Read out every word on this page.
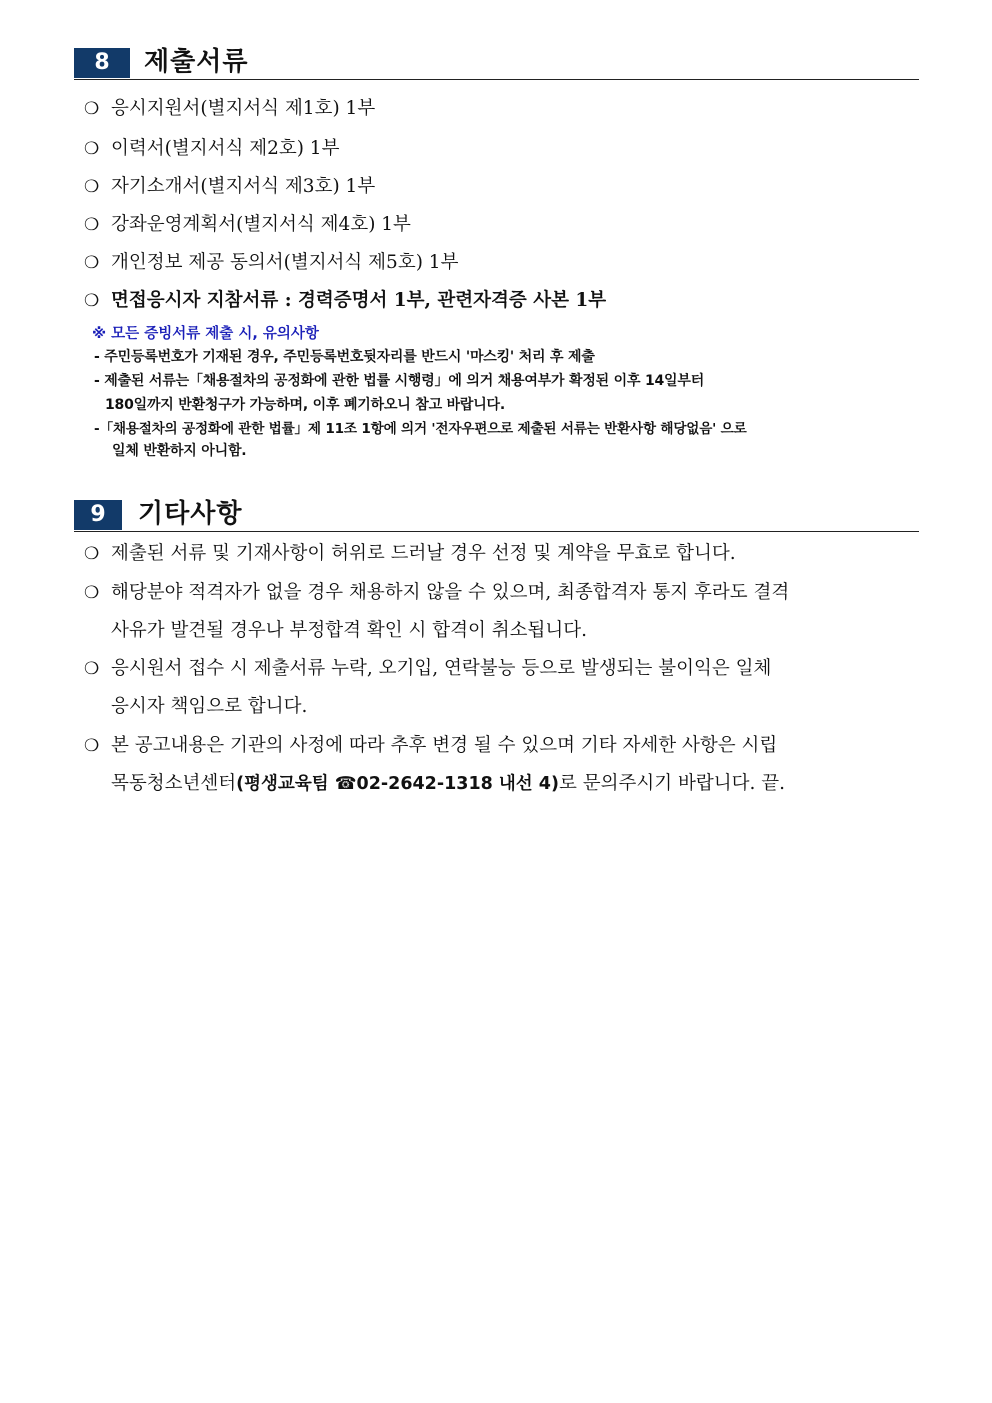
8	제출서류
❍ 응시지원서(별지서식 제1호) 1부
❍ 이력서(별지서식 제2호) 1부
❍ 자기소개서(별지서식 제3호) 1부
❍ 강좌운영계획서(별지서식 제4호) 1부
❍ 개인정보 제공 동의서(별지서식 제5호) 1부
❍ 면접응시자 지참서류 : 경력증명서 1부, 관련자격증 사본 1부
※ 모든 증빙서류 제출 시, 유의사항
- 주민등록번호가 기재된 경우, 주민등록번호뒷자리를 반드시 '마스킹' 처리 후 제출
- 제출된 서류는「채용절차의 공정화에 관한 법률 시행령」에 의거 채용여부가 확정된 이후 14일부터
180일까지 반환청구가 가능하며, 이후 폐기하오니 참고 바랍니다.
-「채용절차의 공정화에 관한 법률」제 11조 1항에 의거 '전자우편으로 제출된 서류는 반환사항 해당없음' 으로
일체 반환하지 아니함.
9	기타사항
❍ 제출된 서류 및 기재사항이 허위로 드러날 경우 선정 및 계약을 무효로 합니다.
❍ 해당분야 적격자가 없을 경우 채용하지 않을 수 있으며, 최종합격자 통지 후라도 결격
사유가 발견될 경우나 부정합격 확인 시 합격이 취소됩니다.
❍ 응시원서 접수 시 제출서류 누락, 오기입, 연락불능 등으로 발생되는 불이익은 일체
응시자 책임으로 합니다.
❍ 본 공고내용은 기관의 사정에 따라 추후 변경 될 수 있으며 기타 자세한 사항은 시립
목동청소년센터(평생교육팀 ☎02-2642-1318 내선 4)로 문의주시기 바랍니다. 끝.
